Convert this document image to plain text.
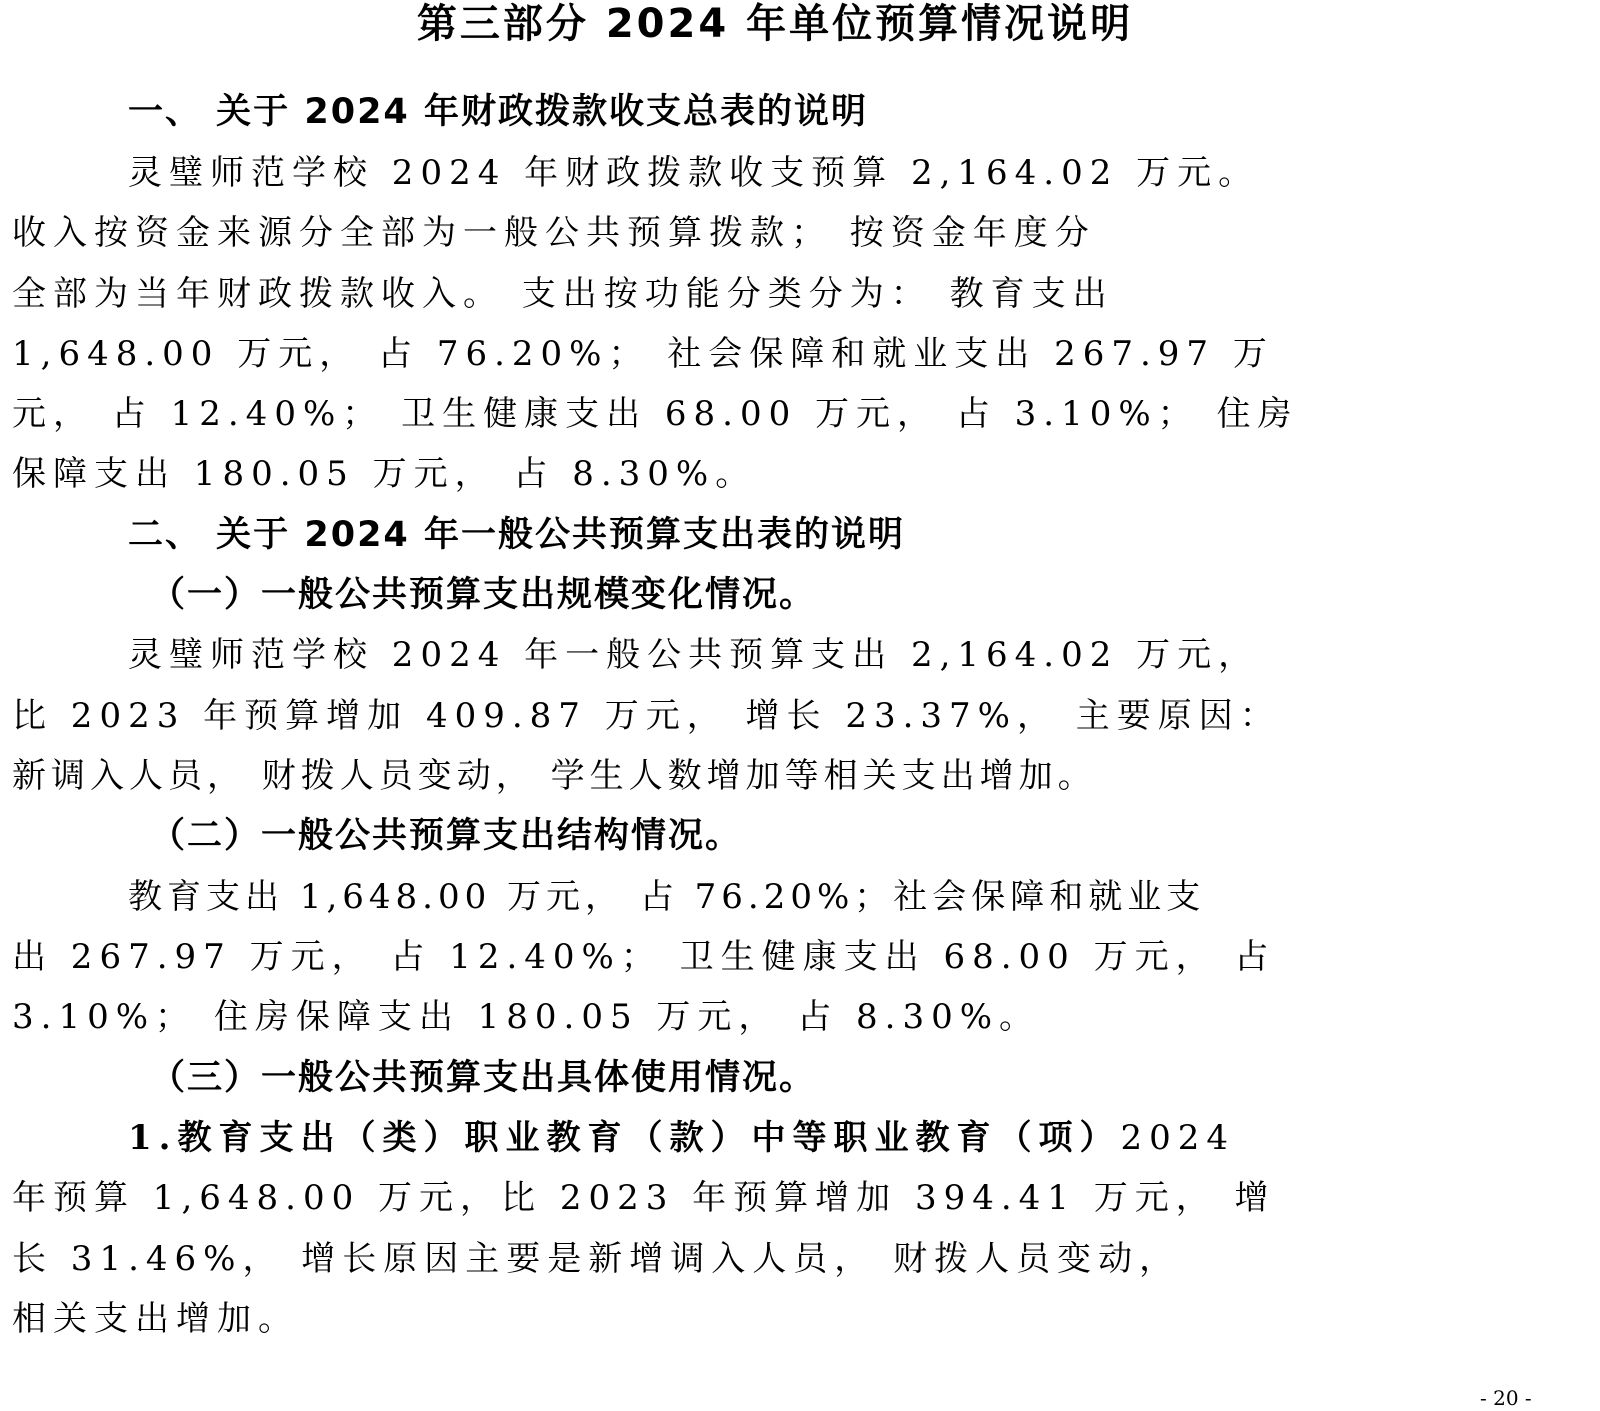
第三部分 2024 年单位预算情况说明
一、 关于 2024 年财政拨款收支总表的说明
灵璧师范学校 2024 年财政拨款收支预算 2,164.02 万元。
收入按资金来源分全部为一般公共预算拨款； 按资金年度分
全部为当年财政拨款收入。 支出按功能分类分为： 教育支出
1,648.00 万元， 占 76.20%； 社会保障和就业支出 267.97 万
元， 占 12.40%； 卫生健康支出 68.00 万元， 占 3.10%； 住房
保障支出 180.05 万元， 占 8.30%。
二、 关于 2024 年一般公共预算支出表的说明
（一）一般公共预算支出规模变化情况。
灵璧师范学校 2024 年一般公共预算支出 2,164.02 万元，
比 2023 年预算增加 409.87 万元， 增长 23.37%， 主要原因：
新调入人员， 财拨人员变动， 学生人数增加等相关支出增加。
（二）一般公共预算支出结构情况。
教育支出 1,648.00 万元， 占 76.20%；社会保障和就业支
出 267.97 万元， 占 12.40%； 卫生健康支出 68.00 万元， 占
3.10%； 住房保障支出 180.05 万元， 占 8.30%。
（三）一般公共预算支出具体使用情况。
1.教育支出（类）职业教育（款）中等职业教育（项）2024
年预算 1,648.00 万元，比 2023 年预算增加 394.41 万元， 增
长 31.46%， 增长原因主要是新增调入人员， 财拨人员变动，
相关支出增加。
- 20 -
